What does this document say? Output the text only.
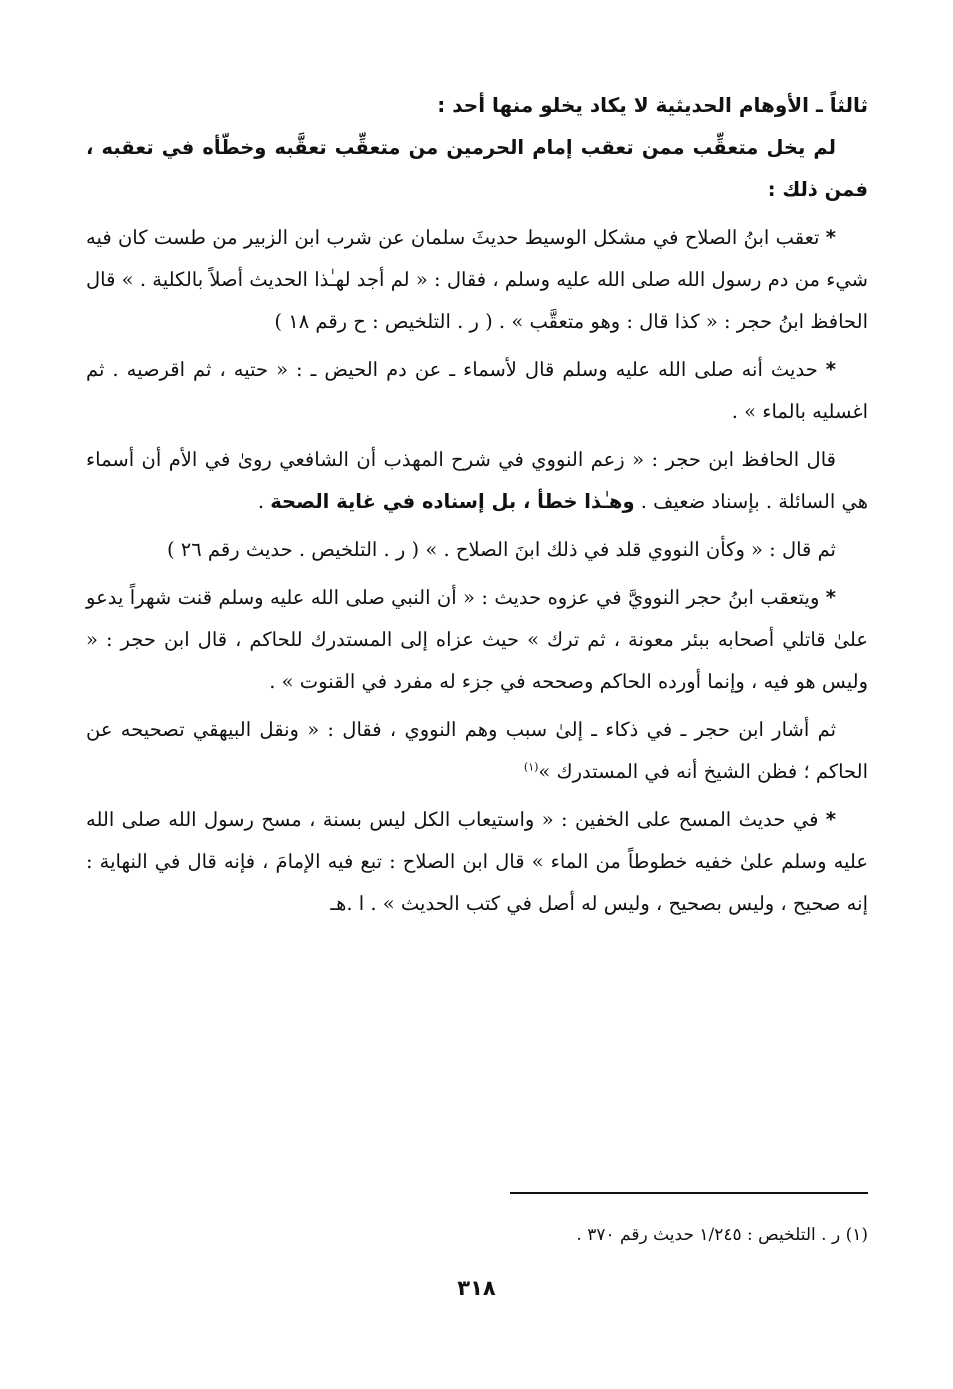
ثالثاً ـ الأوهام الحديثية لا يكاد يخلو منها أحد :
لم يخل متعقِّب ممن تعقب إمام الحرمين من متعقِّب تعقَّبه وخطّأه في تعقبه ، فمن ذلك :
* تعقب ابنُ الصلاح في مشكل الوسيط حديثَ سلمان عن شرب ابن الزبير من طست كان فيه شيء من دم رسول الله صلى الله عليه وسلم ، فقال : « لم أجد لهـٰذا الحديث أصلاً بالكلية . » قال الحافظ ابنُ حجر : « كذا قال : وهو متعقَّب » . ( ر . التلخيص : ح رقم ١٨ )
* حديث أنه صلى الله عليه وسلم قال لأسماء ـ عن دم الحيض ـ : « حتيه ، ثم اقرصيه . ثم اغسليه بالماء » .
قال الحافظ ابن حجر : « زعم النووي في شرح المهذب أن الشافعي روىٰ في الأم أن أسماء هي السائلة . بإسناد ضعيف . وهـٰذا خطأ ، بل إسناده في غاية الصحة .
ثم قال : « وكأن النووي قلد في ذلك ابنَ الصلاح . » ( ر . التلخيص . حديث رقم ٢٦ )
* ويتعقب ابنُ حجر النوويَّ في عزوه حديث : « أن النبي صلى الله عليه وسلم قنت شهراً يدعو علىٰ قاتلي أصحابه ببئر معونة ، ثم ترك » حيث عزاه إلى المستدرك للحاكم ، قال ابن حجر : « وليس هو فيه ، وإنما أورده الحاكم وصححه في جزء له مفرد في القنوت » .
ثم أشار ابن حجر ـ في ذكاء ـ إلىٰ سبب وهم النووي ، فقال : « ونقل البيهقي تصحيحه عن الحاكم ؛ فظن الشيخ أنه في المستدرك »$^{(١)}$
* في حديث المسح على الخفين : « واستيعاب الكل ليس بسنة ، مسح رسول الله صلى الله عليه وسلم علىٰ خفيه خطوطاً من الماء » قال ابن الصلاح : تبع فيه الإمامَ ، فإنه قال في النهاية : إنه صحيح ، وليس بصحيح ، وليس له أصل في كتب الحديث » . ا .هـ
(١) ر . التلخيص : ١/٢٤٥ حديث رقم ٣٧٠ .
٣١٨
